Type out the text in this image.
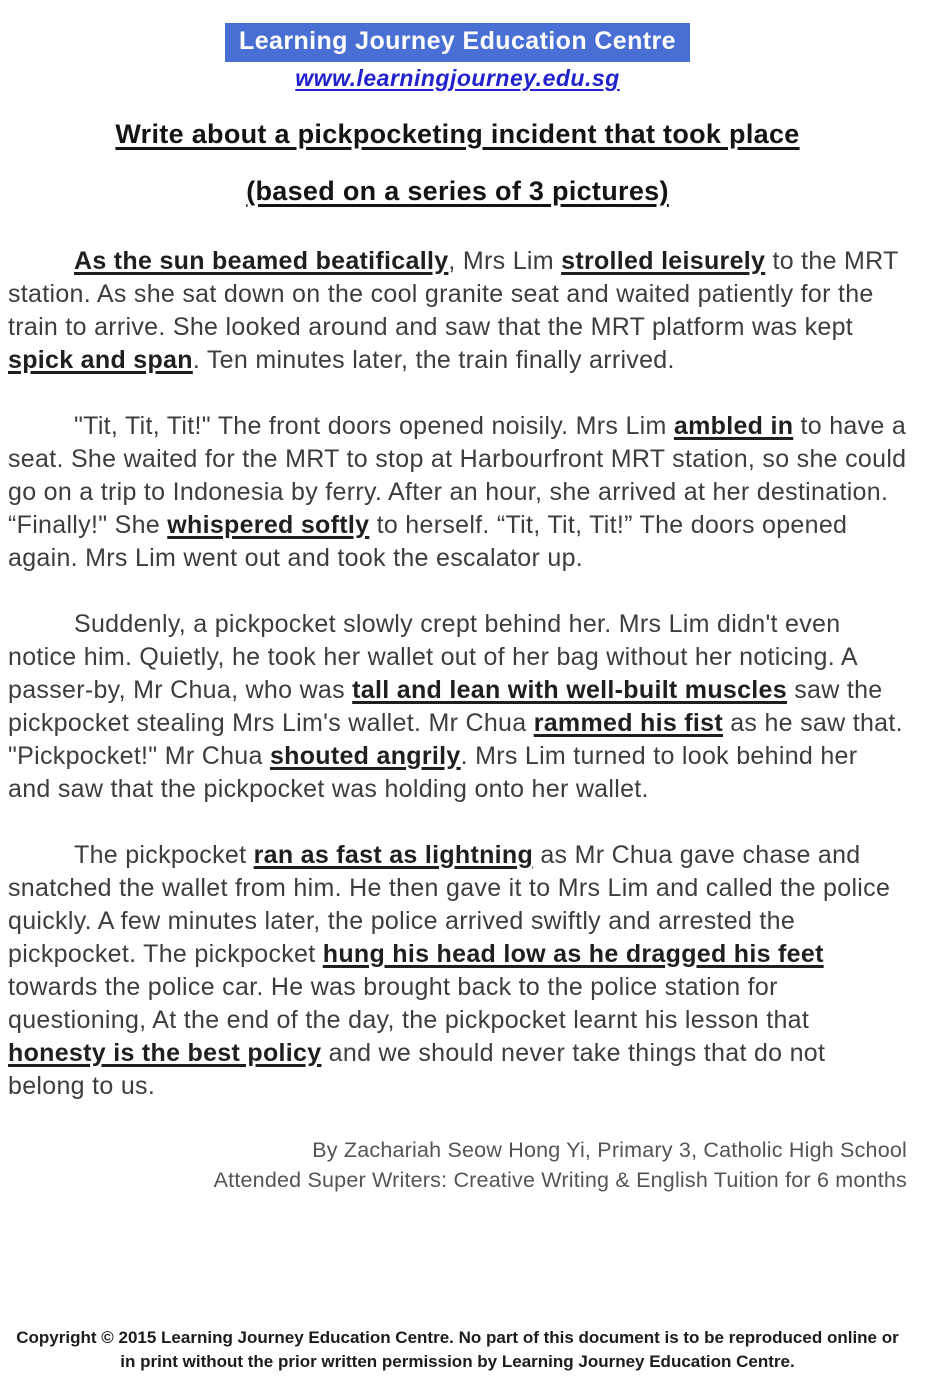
Learning Journey Education Centre
www.learningjourney.edu.sg
Write about a pickpocketing incident that took place
(based on a series of 3 pictures)

As the sun beamed beatifically, Mrs Lim strolled leisurely to the MRT station. As she sat down on the cool granite seat and waited patiently for the train to arrive. She looked around and saw that the MRT platform was kept spick and span. Ten minutes later, the train finally arrived.

"Tit, Tit, Tit!" The front doors opened noisily. Mrs Lim ambled in to have a seat. She waited for the MRT to stop at Harbourfront MRT station, so she could go on a trip to Indonesia by ferry. After an hour, she arrived at her destination. “Finally!" She whispered softly to herself. “Tit, Tit, Tit!” The doors opened again. Mrs Lim went out and took the escalator up.

Suddenly, a pickpocket slowly crept behind her. Mrs Lim didn't even notice him. Quietly, he took her wallet out of her bag without her noticing. A passer-by, Mr Chua, who was tall and lean with well-built muscles saw the pickpocket stealing Mrs Lim's wallet. Mr Chua rammed his fist as he saw that. "Pickpocket!" Mr Chua shouted angrily. Mrs Lim turned to look behind her and saw that the pickpocket was holding onto her wallet.

The pickpocket ran as fast as lightning as Mr Chua gave chase and snatched the wallet from him. He then gave it to Mrs Lim and called the police quickly. A few minutes later, the police arrived swiftly and arrested the pickpocket. The pickpocket hung his head low as he dragged his feet towards the police car. He was brought back to the police station for questioning, At the end of the day, the pickpocket learnt his lesson that honesty is the best policy and we should never take things that do not belong to us.

By Zachariah Seow Hong Yi, Primary 3, Catholic High School
Attended Super Writers: Creative Writing & English Tuition for 6 months
Copyright © 2015 Learning Journey Education Centre. No part of this document is to be reproduced online or
in print without the prior written permission by Learning Journey Education Centre.
